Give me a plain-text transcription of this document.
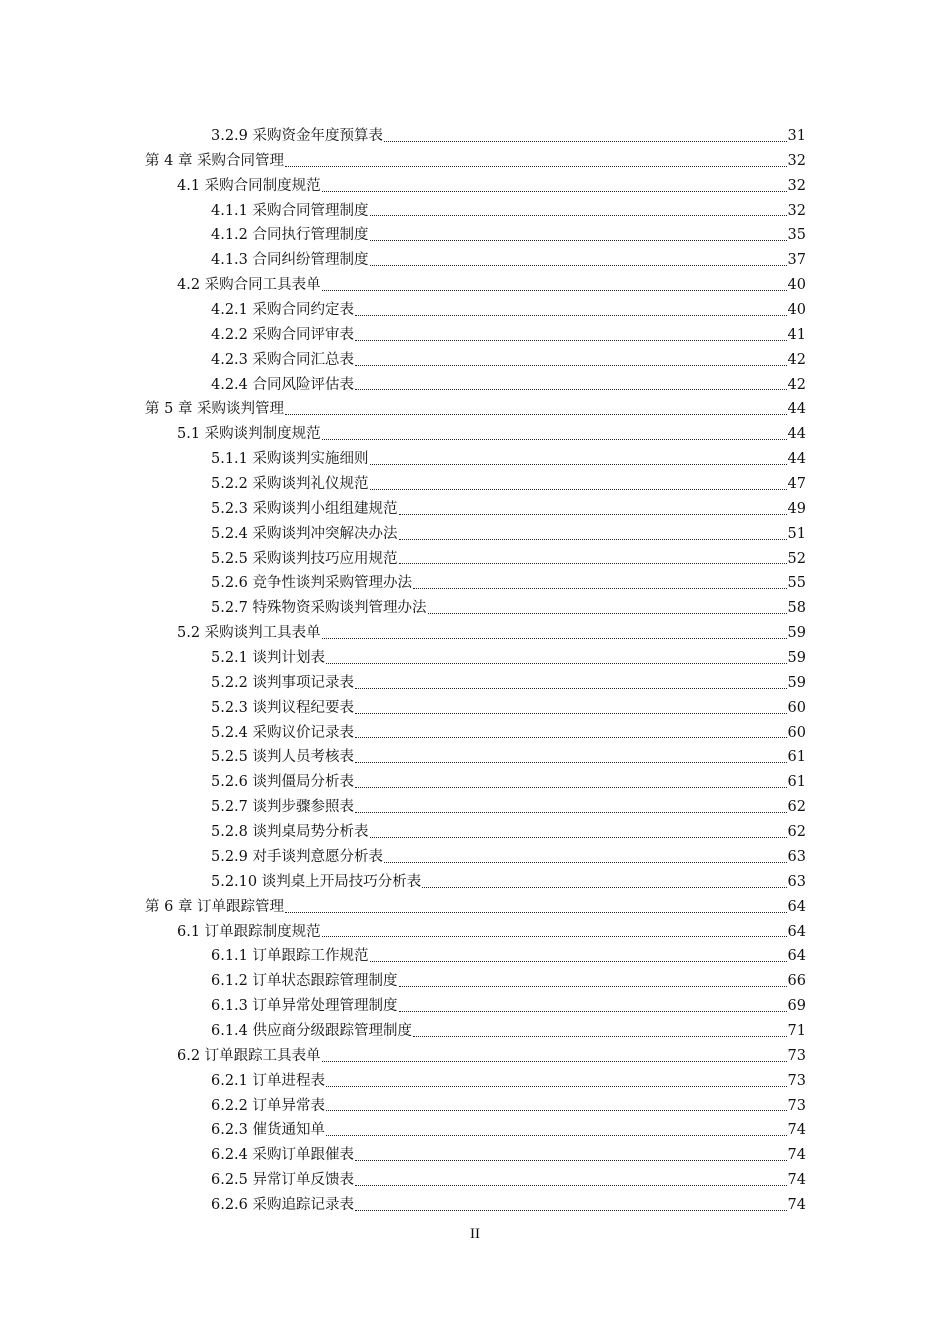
3.2.9 采购资金年度预算表	31
第 4 章 采购合同管理	32
4.1 采购合同制度规范	32
4.1.1 采购合同管理制度	32
4.1.2 合同执行管理制度	35
4.1.3 合同纠纷管理制度	37
4.2 采购合同工具表单	40
4.2.1 采购合同约定表	40
4.2.2 采购合同评审表	41
4.2.3 采购合同汇总表	42
4.2.4 合同风险评估表	42
第 5 章 采购谈判管理	44
5.1 采购谈判制度规范	44
5.1.1 采购谈判实施细则	44
5.2.2 采购谈判礼仪规范	47
5.2.3 采购谈判小组组建规范	49
5.2.4 采购谈判冲突解决办法	51
5.2.5 采购谈判技巧应用规范	52
5.2.6 竞争性谈判采购管理办法	55
5.2.7 特殊物资采购谈判管理办法	58
5.2 采购谈判工具表单	59
5.2.1 谈判计划表	59
5.2.2 谈判事项记录表	59
5.2.3 谈判议程纪要表	60
5.2.4 采购议价记录表	60
5.2.5 谈判人员考核表	61
5.2.6 谈判僵局分析表	61
5.2.7 谈判步骤参照表	62
5.2.8 谈判桌局势分析表	62
5.2.9 对手谈判意愿分析表	63
5.2.10 谈判桌上开局技巧分析表	63
第 6 章 订单跟踪管理	64
6.1 订单跟踪制度规范	64
6.1.1 订单跟踪工作规范	64
6.1.2 订单状态跟踪管理制度	66
6.1.3 订单异常处理管理制度	69
6.1.4 供应商分级跟踪管理制度	71
6.2 订单跟踪工具表单	73
6.2.1 订单进程表	73
6.2.2 订单异常表	73
6.2.3 催货通知单	74
6.2.4 采购订单跟催表	74
6.2.5 异常订单反馈表	74
6.2.6 采购追踪记录表	74
II
